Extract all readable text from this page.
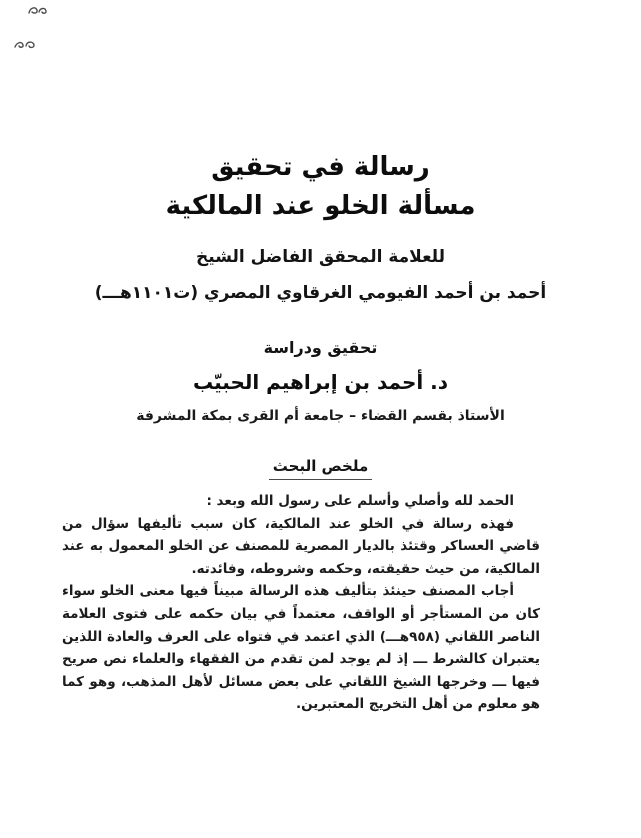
رسالة في تحقيق
مسألة الخلو عند المالكية
للعلامة المحقق الفاضل الشيخ
أحمد بن أحمد الفيومي الغرقاوي المصري (ت١١٠١هـــ)
تحقيق ودراسة
د. أحمد بن إبراهيم الحبيّب
الأستاذ بقسم القضاء – جامعة أم القرى بمكة المشرفة
ملخص البحث

الحمد لله وأصلي وأسلم على رسول الله وبعد :

فهذه رسالة في الخلو عند المالكية، كان سبب تأليفها سؤال من قاضي العساكر وقتئذ بالديار المصرية للمصنف عن الخلو المعمول به عند المالكية، من حيث حقيقته، وحكمه وشروطه، وفائدته.

أجاب المصنف حينئذ بتأليف هذه الرسالة مبيناً فيها معنى الخلو سواء كان من المستأجر أو الواقف، معتمداً في بيان حكمه على فتوى العلامة الناصر اللقاني (٩٥٨هـــ) الذي اعتمد في فتواه على العرف والعادة اللذين يعتبران كالشرط ـــ إذ لم يوجد لمن تقدم من الفقهاء والعلماء نص صريح فيها ـــ وخرجها الشيخ اللقاني على بعض مسائل لأهل المذهب، وهو كما هو معلوم من أهل التخريج المعتبرين.
